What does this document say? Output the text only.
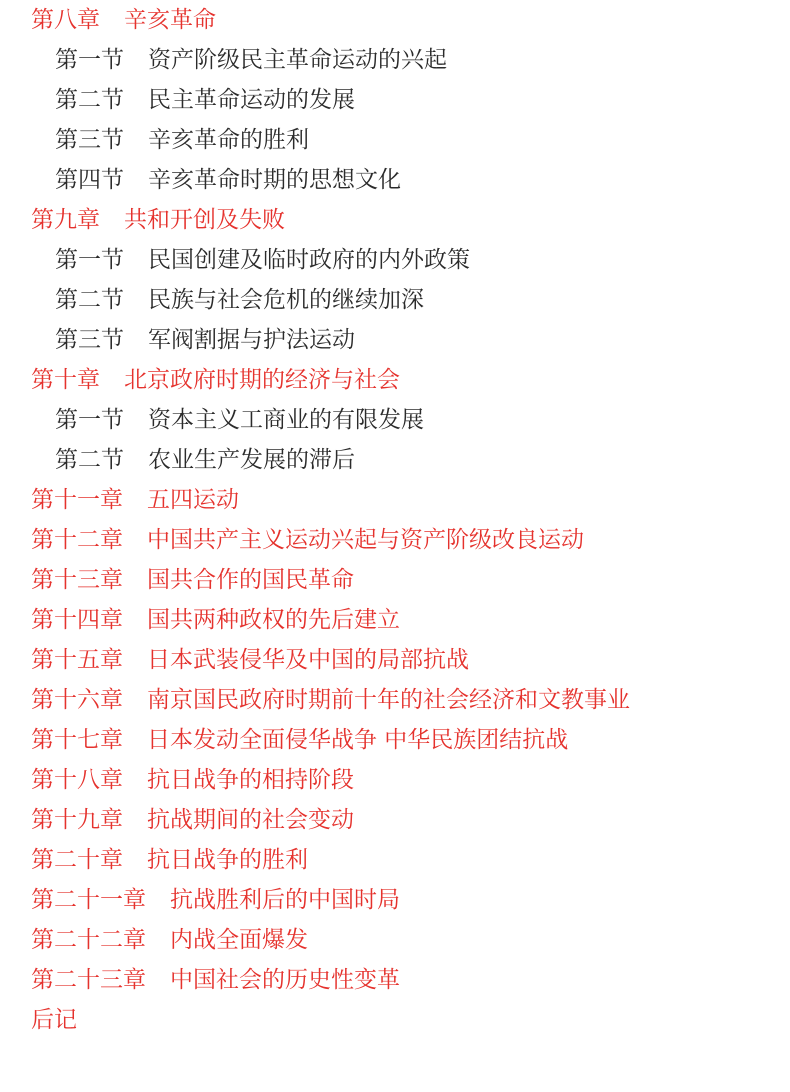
第八章 辛亥革命
第一节 资产阶级民主革命运动的兴起
第二节 民主革命运动的发展
第三节 辛亥革命的胜利
第四节 辛亥革命时期的思想文化
第九章 共和开创及失败
第一节 民国创建及临时政府的内外政策
第二节 民族与社会危机的继续加深
第三节 军阀割据与护法运动
第十章 北京政府时期的经济与社会
第一节 资本主义工商业的有限发展
第二节 农业生产发展的滞后
第十一章 五四运动
第十二章 中国共产主义运动兴起与资产阶级改良运动
第十三章 国共合作的国民革命
第十四章 国共两种政权的先后建立
第十五章 日本武装侵华及中国的局部抗战
第十六章 南京国民政府时期前十年的社会经济和文教事业
第十七章 日本发动全面侵华战争 中华民族团结抗战
第十八章 抗日战争的相持阶段
第十九章 抗战期间的社会变动
第二十章 抗日战争的胜利
第二十一章 抗战胜利后的中国时局
第二十二章 内战全面爆发
第二十三章 中国社会的历史性变革
后记
